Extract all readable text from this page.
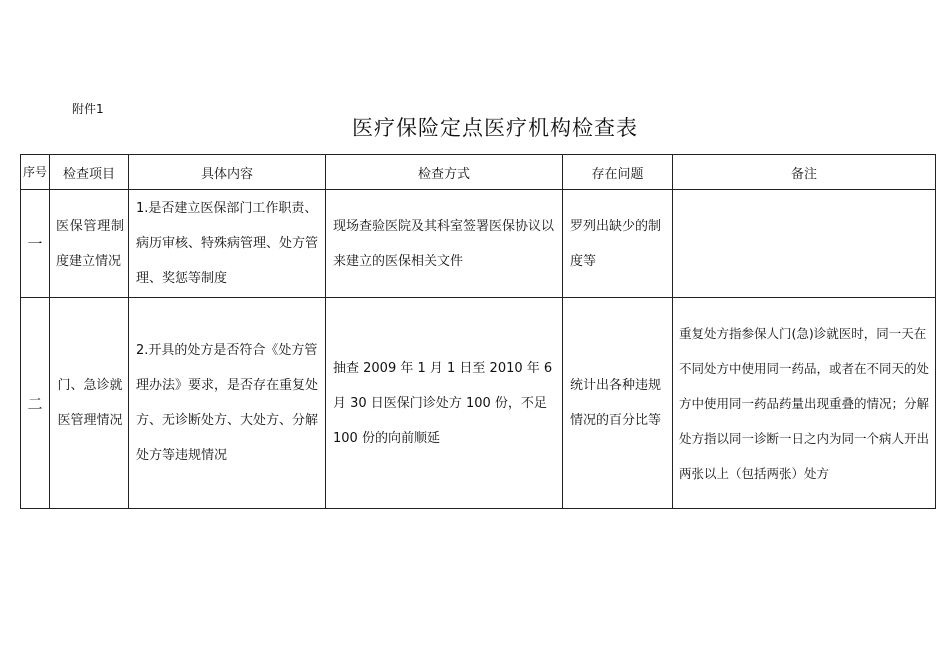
附件1
医疗保险定点医疗机构检查表
序号	检查项目	具体内容	检查方式	存在问题	备注
一	医保管理制度建立情况	1.是否建立医保部门工作职责、病历审核、特殊病管理、处方管理、奖惩等制度	现场查验医院及其科室签署医保协议以来建立的医保相关文件	罗列出缺少的制度等	
二	门、急诊就医管理情况	2.开具的处方是否符合《处方管理办法》要求，是否存在重复处方、无诊断处方、大处方、分解处方等违规情况	抽查 2009 年 1 月 1 日至 2010 年 6 月 30 日医保门诊处方 100 份，不足 100 份的向前顺延	统计出各种违规情况的百分比等	重复处方指参保人门(急)诊就医时，同一天在不同处方中使用同一药品，或者在不同天的处方中使用同一药品药量出现重叠的情况；分解处方指以同一诊断一日之内为同一个病人开出两张以上（包括两张）处方
